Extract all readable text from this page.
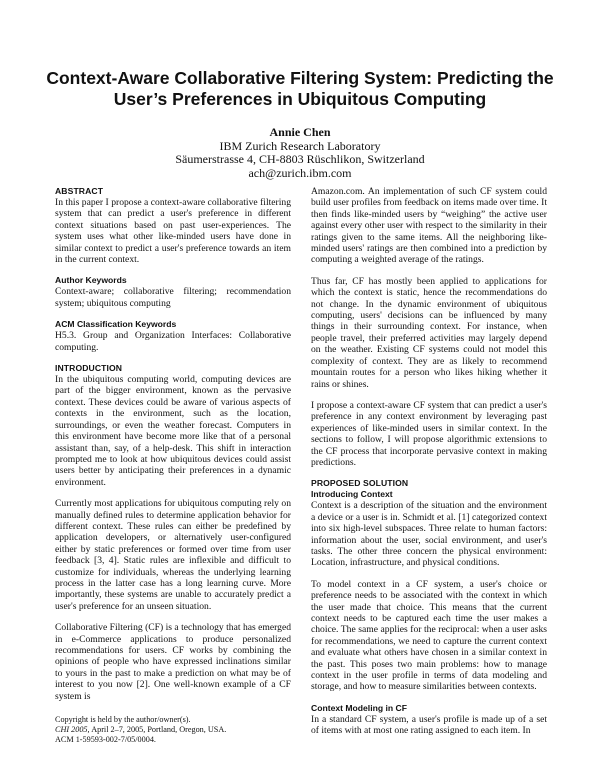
Context-Aware Collaborative Filtering System: Predicting the User’s Preferences in Ubiquitous Computing
Annie Chen
IBM Zurich Research Laboratory
Säumerstrasse 4, CH-8803 Rüschlikon, Switzerland
ach@zurich.ibm.com
ABSTRACT

In this paper I propose a context-aware collaborative filtering system that can predict a user's preference in different context situations based on past user-experiences. The system uses what other like-minded users have done in similar context to predict a user's preference towards an item in the current context.

Author Keywords

Context-aware; collaborative filtering; recommendation system; ubiquitous computing

ACM Classification Keywords

H5.3. Group and Organization Interfaces: Collaborative computing.

INTRODUCTION

In the ubiquitous computing world, computing devices are part of the bigger environment, known as the pervasive context. These devices could be aware of various aspects of contexts in the environment, such as the location, surroundings, or even the weather forecast. Computers in this environment have become more like that of a personal assistant than, say, of a help-desk. This shift in interaction prompted me to look at how ubiquitous devices could assist users better by anticipating their preferences in a dynamic environment.

Currently most applications for ubiquitous computing rely on manually defined rules to determine application behavior for different context. These rules can either be predefined by application developers, or alternatively user-configured either by static preferences or formed over time from user feedback [3, 4]. Static rules are inflexible and difficult to customize for individuals, whereas the underlying learning process in the latter case has a long learning curve. More importantly, these systems are unable to accurately predict a user's preference for an unseen situation.

Collaborative Filtering (CF) is a technology that has emerged in e-Commerce applications to produce personalized recommendations for users. CF works by combining the opinions of people who have expressed inclinations similar to yours in the past to make a prediction on what may be of interest to you now [2]. One well-known example of a CF system is

Copyright is held by the author/owner(s).
CHI 2005, April 2–7, 2005, Portland, Oregon, USA.
ACM 1-59593-002-7/05/0004.

Amazon.com. An implementation of such CF system could build user profiles from feedback on items made over time. It then finds like-minded users by “weighing” the active user against every other user with respect to the similarity in their ratings given to the same items. All the neighboring like-minded users' ratings are then combined into a prediction by computing a weighted average of the ratings.

Thus far, CF has mostly been applied to applications for which the context is static, hence the recommendations do not change. In the dynamic environment of ubiquitous computing, users' decisions can be influenced by many things in their surrounding context. For instance, when people travel, their preferred activities may largely depend on the weather. Existing CF systems could not model this complexity of context. They are as likely to recommend mountain routes for a person who likes hiking whether it rains or shines.

I propose a context-aware CF system that can predict a user's preference in any context environment by leveraging past experiences of like-minded users in similar context. In the sections to follow, I will propose algorithmic extensions to the CF process that incorporate pervasive context in making predictions.

PROPOSED SOLUTION
Introducing Context

Context is a description of the situation and the environment a device or a user is in. Schmidt et al. [1] categorized context into six high-level subspaces. Three relate to human factors: information about the user, social environment, and user's tasks. The other three concern the physical environment: Location, infrastructure, and physical conditions.

To model context in a CF system, a user's choice or preference needs to be associated with the context in which the user made that choice. This means that the current context needs to be captured each time the user makes a choice. The same applies for the reciprocal: when a user asks for recommendations, we need to capture the current context and evaluate what others have chosen in a similar context in the past. This poses two main problems: how to manage context in the user profile in terms of data modeling and storage, and how to measure similarities between contexts.

Context Modeling in CF

In a standard CF system, a user's profile is made up of a set of items with at most one rating assigned to each item. In
